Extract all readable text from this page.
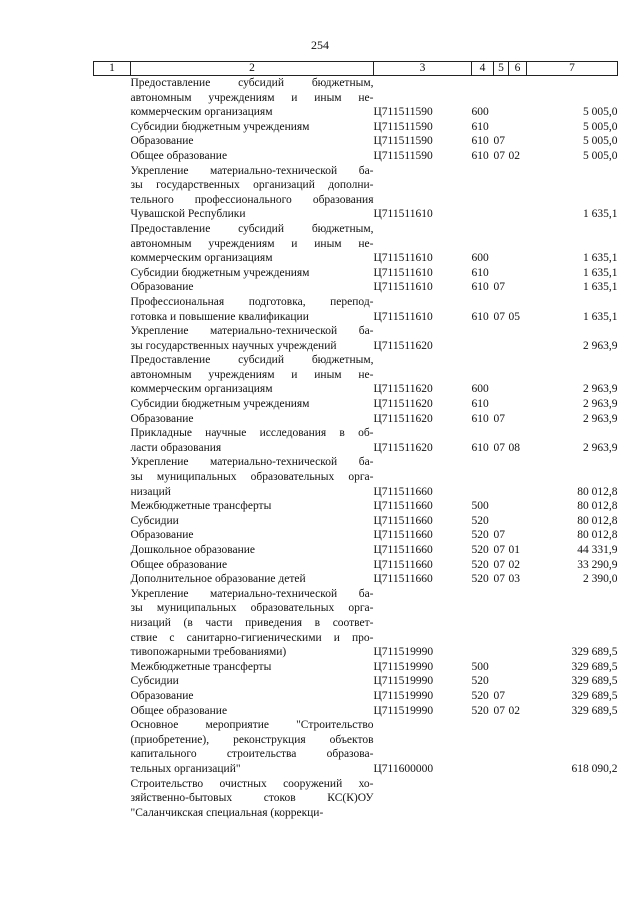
254
1	2	3	4	5	6	7

	Предоставление субсидий бюджетным,
автономным учреждениям и иным не-
коммерческим организациям	Ц711511590	600			5 005,0

	Субсидии бюджетным учреждениям	Ц711511590	610			5 005,0

	Образование	Ц711511590	610	07		5 005,0

	Общее образование	Ц711511590	610	07	02	5 005,0

	Укрепление материально-технической ба-
зы государственных организаций дополни-
тельного профессионального образования
Чувашской Республики	Ц711511610				1 635,1

	Предоставление субсидий бюджетным,
автономным учреждениям и иным не-
коммерческим организациям	Ц711511610	600			1 635,1

	Субсидии бюджетным учреждениям	Ц711511610	610			1 635,1

	Образование	Ц711511610	610	07		1 635,1

	Профессиональная подготовка, перепод-
готовка и повышение квалификации	Ц711511610	610	07	05	1 635,1

	Укрепление материально-технической ба-
зы государственных научных учреждений	Ц711511620				2 963,9

	Предоставление субсидий бюджетным,
автономным учреждениям и иным не-
коммерческим организациям	Ц711511620	600			2 963,9

	Субсидии бюджетным учреждениям	Ц711511620	610			2 963,9

	Образование	Ц711511620	610	07		2 963,9

	Прикладные научные исследования в об-
ласти образования	Ц711511620	610	07	08	2 963,9

	Укрепление материально-технической ба-
зы муниципальных образовательных орга-
низаций	Ц711511660				80 012,8

	Межбюджетные трансферты	Ц711511660	500			80 012,8

	Субсидии	Ц711511660	520			80 012,8

	Образование	Ц711511660	520	07		80 012,8

	Дошкольное образование	Ц711511660	520	07	01	44 331,9

	Общее образование	Ц711511660	520	07	02	33 290,9

	Дополнительное образование детей	Ц711511660	520	07	03	2 390,0

	Укрепление материально-технической ба-
зы муниципальных образовательных орга-
низаций (в части приведения в соответ-
ствие с санитарно-гигиеническими и про-
тивопожарными требованиями)	Ц711519990				329 689,5

	Межбюджетные трансферты	Ц711519990	500			329 689,5

	Субсидии	Ц711519990	520			329 689,5

	Образование	Ц711519990	520	07		329 689,5

	Общее образование	Ц711519990	520	07	02	329 689,5

	Основное мероприятие "Строительство
(приобретение), реконструкция объектов
капитального строительства образова-
тельных организаций"	Ц711600000				618 090,2

	Строительство очистных сооружений хо-
зяйственно-бытовых стоков КС(К)ОУ
"Саланчикская специальная (коррекци-					
